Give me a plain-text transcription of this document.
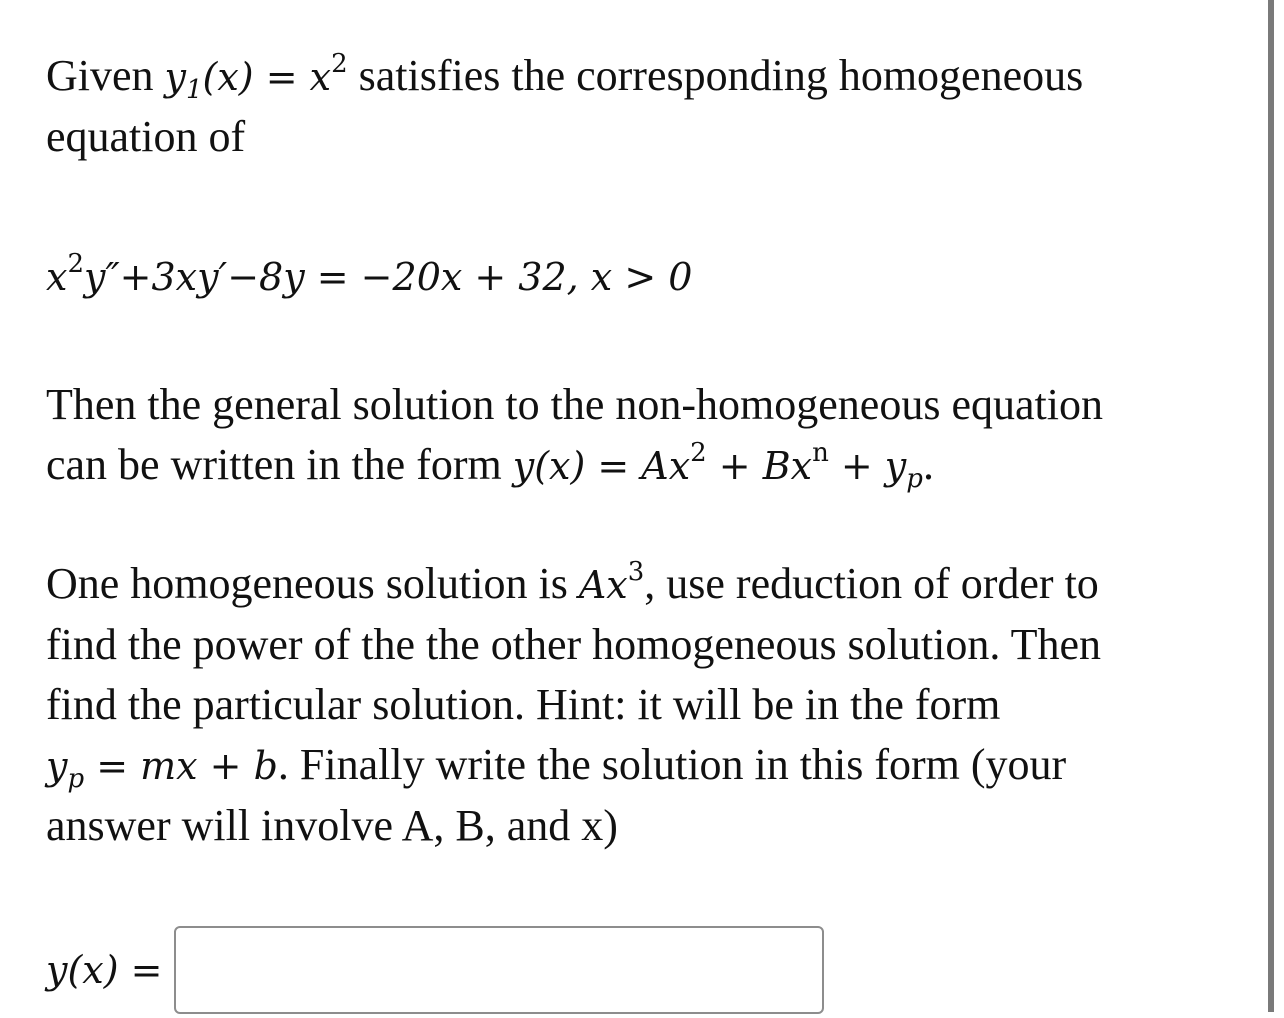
Given $y_1(x) = x^2$ satisfies the corresponding homogeneous
equation of

$x^2y''+3xy'-8y = -20x + 32$, x > 0

Then the general solution to the non-homogeneous equation
can be written in the form $y(x) = Ax^2 + Bx^n + y_p$.

One homogeneous solution is Ax$^3$, use reduction of order to
find the power of the the other homogeneous solution. Then
find the particular solution. Hint: it will be in the form
$y_p$ = mx + b. Finally write the solution in this form (your
answer will involve A, B, and x)

y(x) =
